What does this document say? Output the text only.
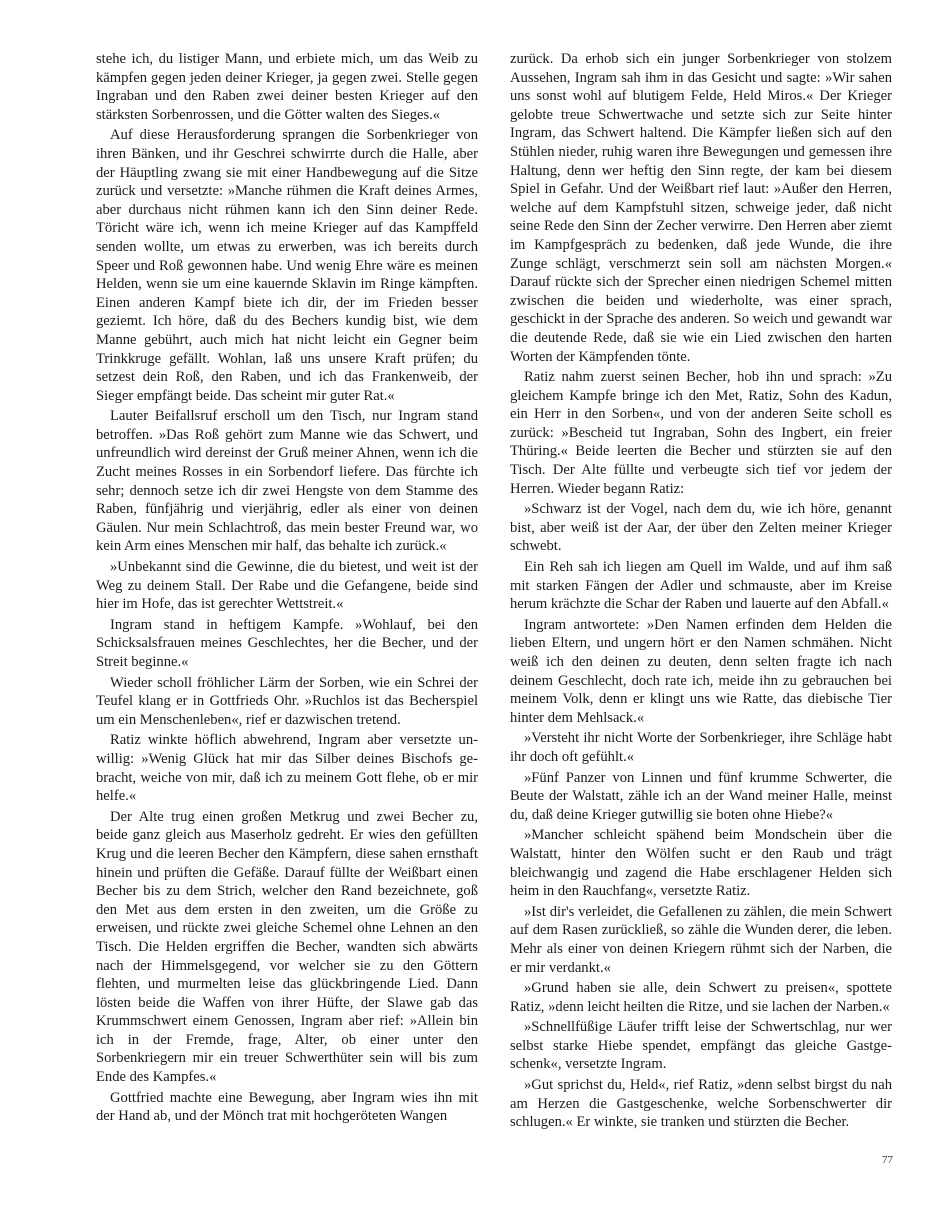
stehe ich, du listiger Mann, und erbiete mich, um das Weib zu kämpfen gegen jeden deiner Krieger, ja gegen zwei. Stelle gegen Ingraban und den Raben zwei deiner besten Krieger auf den stärksten Sorbenrossen, und die Götter walten des Sieges.«

Auf diese Herausforderung sprangen die Sorbenkrieger von ihren Bänken, und ihr Geschrei schwirrte durch die Halle, aber der Häuptling zwang sie mit einer Handbewegung auf die Sitze zurück und versetzte: »Manche rühmen die Kraft deines Armes, aber durchaus nicht rühmen kann ich den Sinn deiner Rede. Töricht wäre ich, wenn ich meine Krieger auf das Kampffeld senden wollte, um etwas zu erwerben, was ich bereits durch Speer und Roß gewonnen habe. Und wenig Ehre wäre es meinen Helden, wenn sie um eine kauernde Sklavin im Ringe kämpften. Einen anderen Kampf biete ich dir, der im Frieden besser geziemt. Ich höre, daß du des Bechers kundig bist, wie dem Manne gebührt, auch mich hat nicht leicht ein Gegner beim Trinkkruge gefällt. Wohlan, laß uns unsere Kraft prüfen; du setzest dein Roß, den Raben, und ich das Frankenweib, der Sieger empfängt beide. Das scheint mir guter Rat.«

Lauter Beifallsruf erscholl um den Tisch, nur Ingram stand betroffen. »Das Roß gehört zum Manne wie das Schwert, und unfreundlich wird dereinst der Gruß meiner Ahnen, wenn ich die Zucht meines Rosses in ein Sorbendorf liefere. Das fürchte ich sehr; dennoch setze ich dir zwei Hengste von dem Stamme des Raben, fünfjährig und vierjährig, edler als einer von deinen Gäulen. Nur mein Schlachtroß, das mein bester Freund war, wo kein Arm eines Menschen mir half, das behalte ich zurück.«

»Unbekannt sind die Gewinne, die du bietest, und weit ist der Weg zu deinem Stall. Der Rabe und die Gefangene, beide sind hier im Hofe, das ist gerechter Wettstreit.«

Ingram stand in heftigem Kampfe. »Wohlauf, bei den Schicksalsfrauen meines Geschlechtes, her die Becher, und der Streit beginne.«

Wieder scholl fröhlicher Lärm der Sorben, wie ein Schrei der Teufel klang er in Gottfrieds Ohr. »Ruchlos ist das Becherspiel um ein Menschenleben«, rief er dazwischen tretend.

Ratiz winkte höflich abwehrend, Ingram aber versetzte unwillig: »Wenig Glück hat mir das Silber deines Bischofs gebracht, weiche von mir, daß ich zu meinem Gott flehe, ob er mir helfe.«

Der Alte trug einen großen Metkrug und zwei Becher zu, beide ganz gleich aus Maserholz gedreht. Er wies den gefüllten Krug und die leeren Becher den Kämpfern, diese sahen ernsthaft hinein und prüften die Gefäße. Darauf füllte der Weißbart einen Becher bis zu dem Strich, welcher den Rand bezeichnete, goß den Met aus dem ersten in den zweiten, um die Größe zu erweisen, und rückte zwei gleiche Schemel ohne Lehnen an den Tisch. Die Helden ergriffen die Becher, wandten sich abwärts nach der Himmelsgegend, vor welcher sie zu den Göttern flehten, und murmelten leise das glückbringende Lied. Dann lösten beide die Waffen von ihrer Hüfte, der Slawe gab das Krummschwert einem Genossen, Ingram aber rief: »Allein bin ich in der Fremde, frage, Alter, ob einer unter den Sorbenkriegern mir ein treuer Schwerthüter sein will bis zum Ende des Kampfes.«

Gottfried machte eine Bewegung, aber Ingram wies ihn mit der Hand ab, und der Mönch trat mit hochgeröteten Wangen

zurück. Da erhob sich ein junger Sorbenkrieger von stolzem Aussehen, Ingram sah ihm in das Gesicht und sagte: »Wir sahen uns sonst wohl auf blutigem Felde, Held Miros.« Der Krieger gelobte treue Schwertwache und setzte sich zur Seite hinter Ingram, das Schwert haltend. Die Kämpfer ließen sich auf den Stühlen nieder, ruhig waren ihre Bewegungen und gemessen ihre Haltung, denn wer heftig den Sinn regte, der kam bei diesem Spiel in Gefahr. Und der Weißbart rief laut: »Außer den Herren, welche auf dem Kampfstuhl sitzen, schweige jeder, daß nicht seine Rede den Sinn der Zecher verwirre. Den Herren aber ziemt im Kampfgespräch zu bedenken, daß jede Wunde, die ihre Zunge schlägt, verschmerzt sein soll am nächsten Morgen.« Darauf rückte sich der Sprecher einen niedrigen Schemel mitten zwischen die beiden und wiederholte, was einer sprach, geschickt in der Sprache des anderen. So weich und gewandt war die deutende Rede, daß sie wie ein Lied zwischen den harten Worten der Kämpfenden tönte.

Ratiz nahm zuerst seinen Becher, hob ihn und sprach: »Zu gleichem Kampfe bringe ich den Met, Ratiz, Sohn des Kadun, ein Herr in den Sorben«, und von der anderen Seite scholl es zurück: »Bescheid tut Ingraban, Sohn des Ingbert, ein freier Thüring.« Beide leerten die Becher und stürzten sie auf den Tisch. Der Alte füllte und verbeugte sich tief vor jedem der Herren. Wieder begann Ratiz:

»Schwarz ist der Vogel, nach dem du, wie ich höre, genannt bist, aber weiß ist der Aar, der über den Zelten meiner Krieger schwebt.

Ein Reh sah ich liegen am Quell im Walde, und auf ihm saß mit starken Fängen der Adler und schmauste, aber im Kreise herum krächzte die Schar der Raben und lauerte auf den Abfall.«

Ingram antwortete: »Den Namen erfinden dem Helden die lieben Eltern, und ungern hört er den Namen schmähen. Nicht weiß ich den deinen zu deuten, denn selten fragte ich nach deinem Geschlecht, doch rate ich, meide ihn zu gebrauchen bei meinem Volk, denn er klingt uns wie Ratte, das diebische Tier hinter dem Mehlsack.«

»Versteht ihr nicht Worte der Sorbenkrieger, ihre Schläge habt ihr doch oft gefühlt.«

»Fünf Panzer von Linnen und fünf krumme Schwerter, die Beute der Walstatt, zähle ich an der Wand meiner Halle, meinst du, daß deine Krieger gutwillig sie boten ohne Hiebe?«

»Mancher schleicht spähend beim Mondschein über die Walstatt, hinter den Wölfen sucht er den Raub und trägt bleichwangig und zagend die Habe erschlagener Helden sich heim in den Rauchfang«, versetzte Ratiz.

»Ist dir's verleidet, die Gefallenen zu zählen, die mein Schwert auf dem Rasen zurückließ, so zähle die Wunden derer, die leben. Mehr als einer von deinen Kriegern rühmt sich der Narben, die er mir verdankt.«

»Grund haben sie alle, dein Schwert zu preisen«, spottete Ratiz, »denn leicht heilten die Ritze, und sie lachen der Narben.«

»Schnellfüßige Läufer trifft leise der Schwertschlag, nur wer selbst starke Hiebe spendet, empfängt das gleiche Gastgeschenk«, versetzte Ingram.

»Gut sprichst du, Held«, rief Ratiz, »denn selbst birgst du nah am Herzen die Gastgeschenke, welche Sorbenschwerter dir schlugen.« Er winkte, sie tranken und stürzten die Becher.

77
